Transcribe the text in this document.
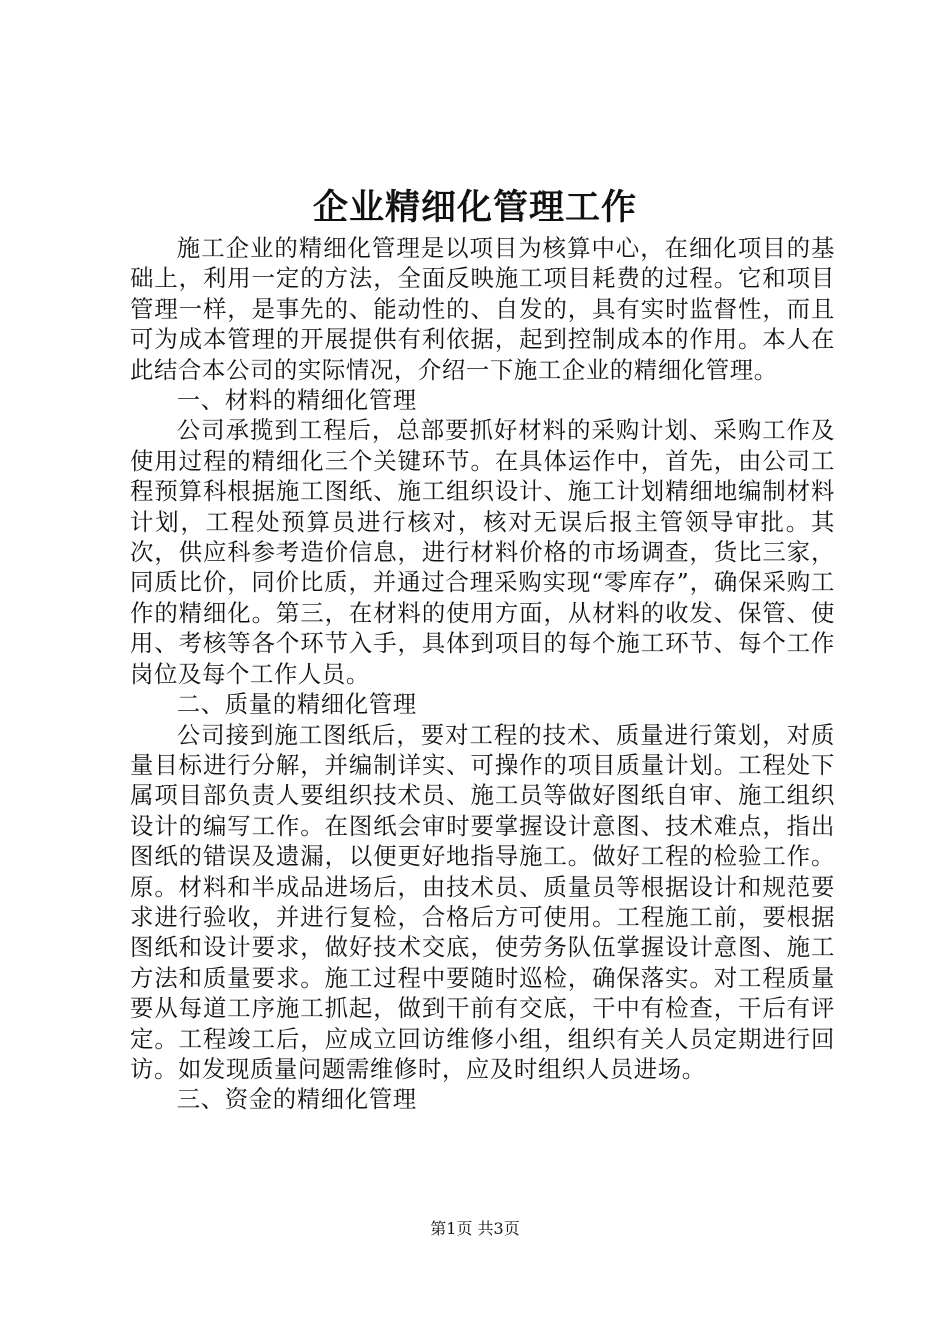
企业精细化管理工作

施工企业的精细化管理是以项目为核算中心，在细化项目的基础上，利用一定的方法，全面反映施工项目耗费的过程。它和项目管理一样，是事先的、能动性的、自发的，具有实时监督性，而且可为成本管理的开展提供有利依据，起到控制成本的作用。本人在此结合本公司的实际情况，介绍一下施工企业的精细化管理。

一、材料的精细化管理

公司承揽到工程后，总部要抓好材料的采购计划、采购工作及使用过程的精细化三个关键环节。在具体运作中，首先，由公司工程预算科根据施工图纸、施工组织设计、施工计划精细地编制材料计划，工程处预算员进行核对，核对无误后报主管领导审批。其次，供应科参考造价信息，进行材料价格的市场调查，货比三家，同质比价，同价比质，并通过合理采购实现“零库存”，确保采购工作的精细化。第三，在材料的使用方面，从材料的收发、保管、使用、考核等各个环节入手，具体到项目的每个施工环节、每个工作岗位及每个工作人员。

二、质量的精细化管理

公司接到施工图纸后，要对工程的技术、质量进行策划，对质量目标进行分解，并编制详实、可操作的项目质量计划。工程处下属项目部负责人要组织技术员、施工员等做好图纸自审、施工组织设计的编写工作。在图纸会审时要掌握设计意图、技术难点，指出图纸的错误及遗漏，以便更好地指导施工。做好工程的检验工作。原。材料和半成品进场后，由技术员、质量员等根据设计和规范要求进行验收，并进行复检，合格后方可使用。工程施工前，要根据图纸和设计要求，做好技术交底，使劳务队伍掌握设计意图、施工方法和质量要求。施工过程中要随时巡检，确保落实。对工程质量要从每道工序施工抓起，做到干前有交底，干中有检查，干后有评定。工程竣工后，应成立回访维修小组，组织有关人员定期进行回访。如发现质量问题需维修时，应及时组织人员进场。

三、资金的精细化管理

第1页 共3页
